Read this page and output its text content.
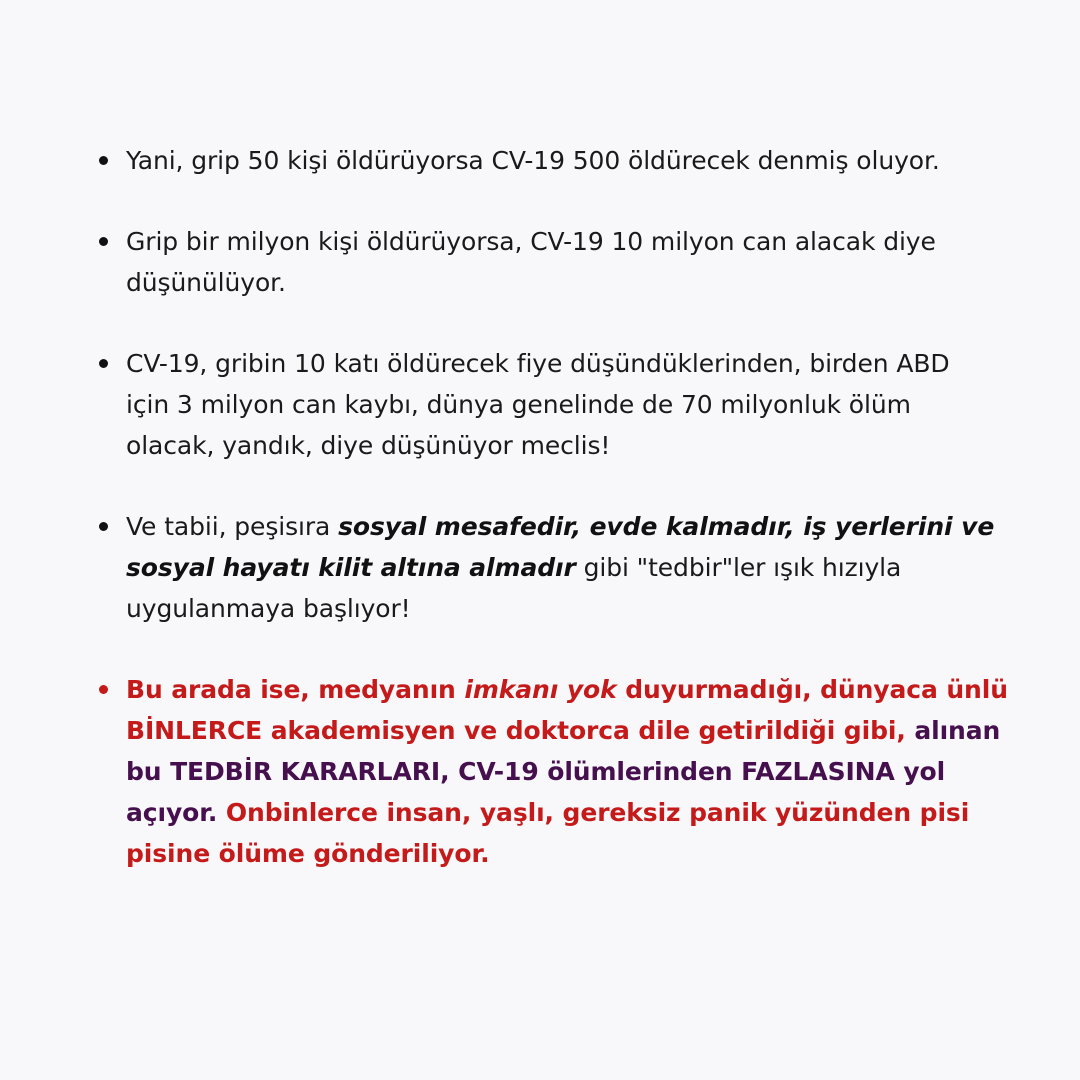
Yani, grip 50 kişi öldürüyorsa CV-19 500 öldürecek denmiş oluyor.
Grip bir milyon kişi öldürüyorsa, CV-19 10 milyon can alacak diye
düşünülüyor.
CV-19, gribin 10 katı öldürecek fiye düşündüklerinden, birden ABD
için 3 milyon can kaybı, dünya genelinde de 70 milyonluk ölüm
olacak, yandık, diye düşünüyor meclis!
Ve tabii, peşisıra sosyal mesafedir, evde kalmadır, iş yerlerini ve
sosyal hayatı kilit altına almadır gibi "tedbir"ler ışık hızıyla
uygulanmaya başlıyor!
Bu arada ise, medyanın imkanı yok duyurmadığı, dünyaca ünlü
BİNLERCE akademisyen ve doktorca dile getirildiği gibi, alınan
bu TEDBİR KARARLARI, CV-19 ölümlerinden FAZLASINA yol
açıyor. Onbinlerce insan, yaşlı, gereksiz panik yüzünden pisi
pisine ölüme gönderiliyor.
